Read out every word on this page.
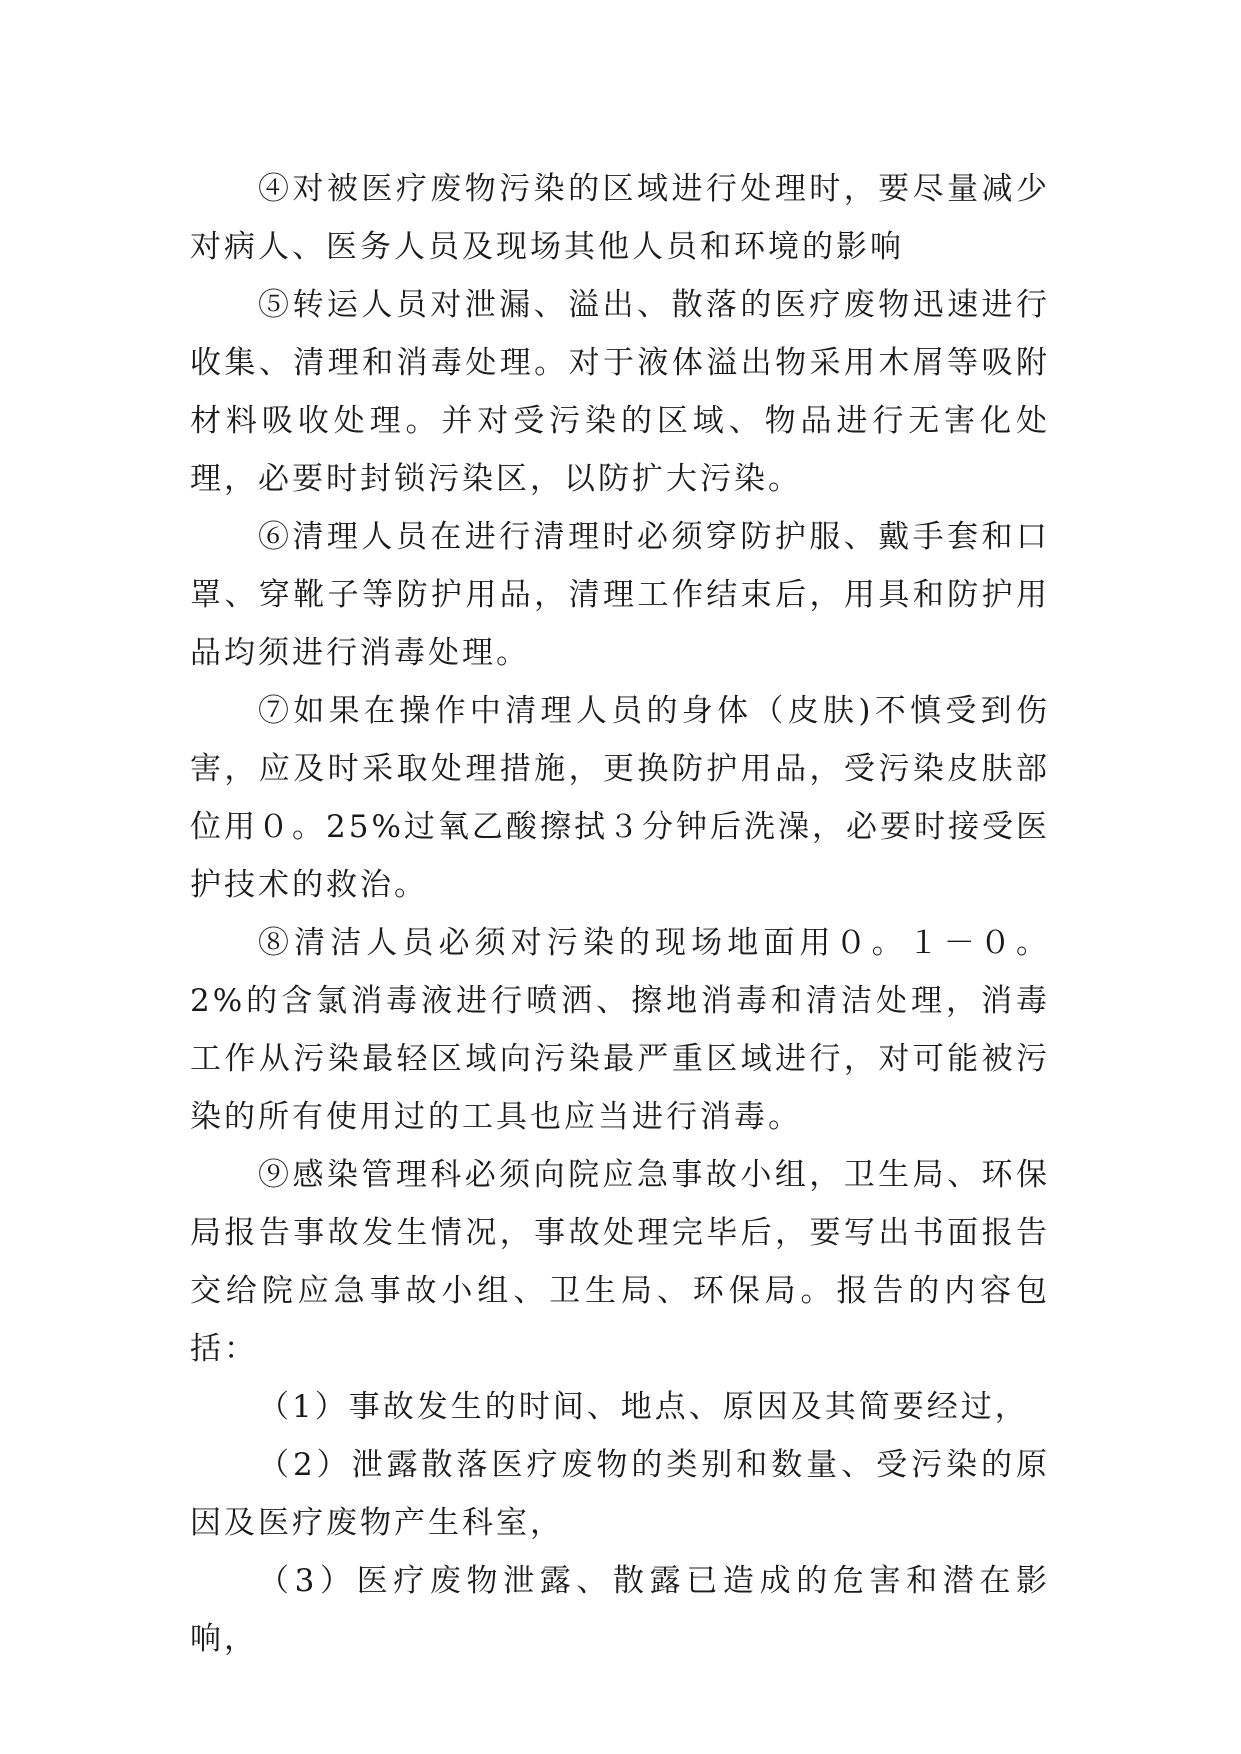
④对被医疗废物污染的区域进行处理时，要尽量减少对病人、医务人员及现场其他人员和环境的影响

⑤转运人员对泄漏、溢出、散落的医疗废物迅速进行收集、清理和消毒处理。对于液体溢出物采用木屑等吸附材料吸收处理。并对受污染的区域、物品进行无害化处理，必要时封锁污染区，以防扩大污染。

⑥清理人员在进行清理时必须穿防护服、戴手套和口罩、穿靴子等防护用品，清理工作结束后，用具和防护用品均须进行消毒处理。

⑦如果在操作中清理人员的身体（皮肤)不慎受到伤害，应及时采取处理措施，更换防护用品，受污染皮肤部位用０。25%过氧乙酸擦拭３分钟后洗澡，必要时接受医护技术的救治。

⑧清洁人员必须对污染的现场地面用０。１－０。2%的含氯消毒液进行喷洒、擦地消毒和清洁处理，消毒工作从污染最轻区域向污染最严重区域进行，对可能被污染的所有使用过的工具也应当进行消毒。

⑨感染管理科必须向院应急事故小组，卫生局、环保局报告事故发生情况，事故处理完毕后，要写出书面报告交给院应急事故小组、卫生局、环保局。报告的内容包括：

（1）事故发生的时间、地点、原因及其简要经过，

（2）泄露散落医疗废物的类别和数量、受污染的原因及医疗废物产生科室，

（3）医疗废物泄露、散露已造成的危害和潜在影响，
